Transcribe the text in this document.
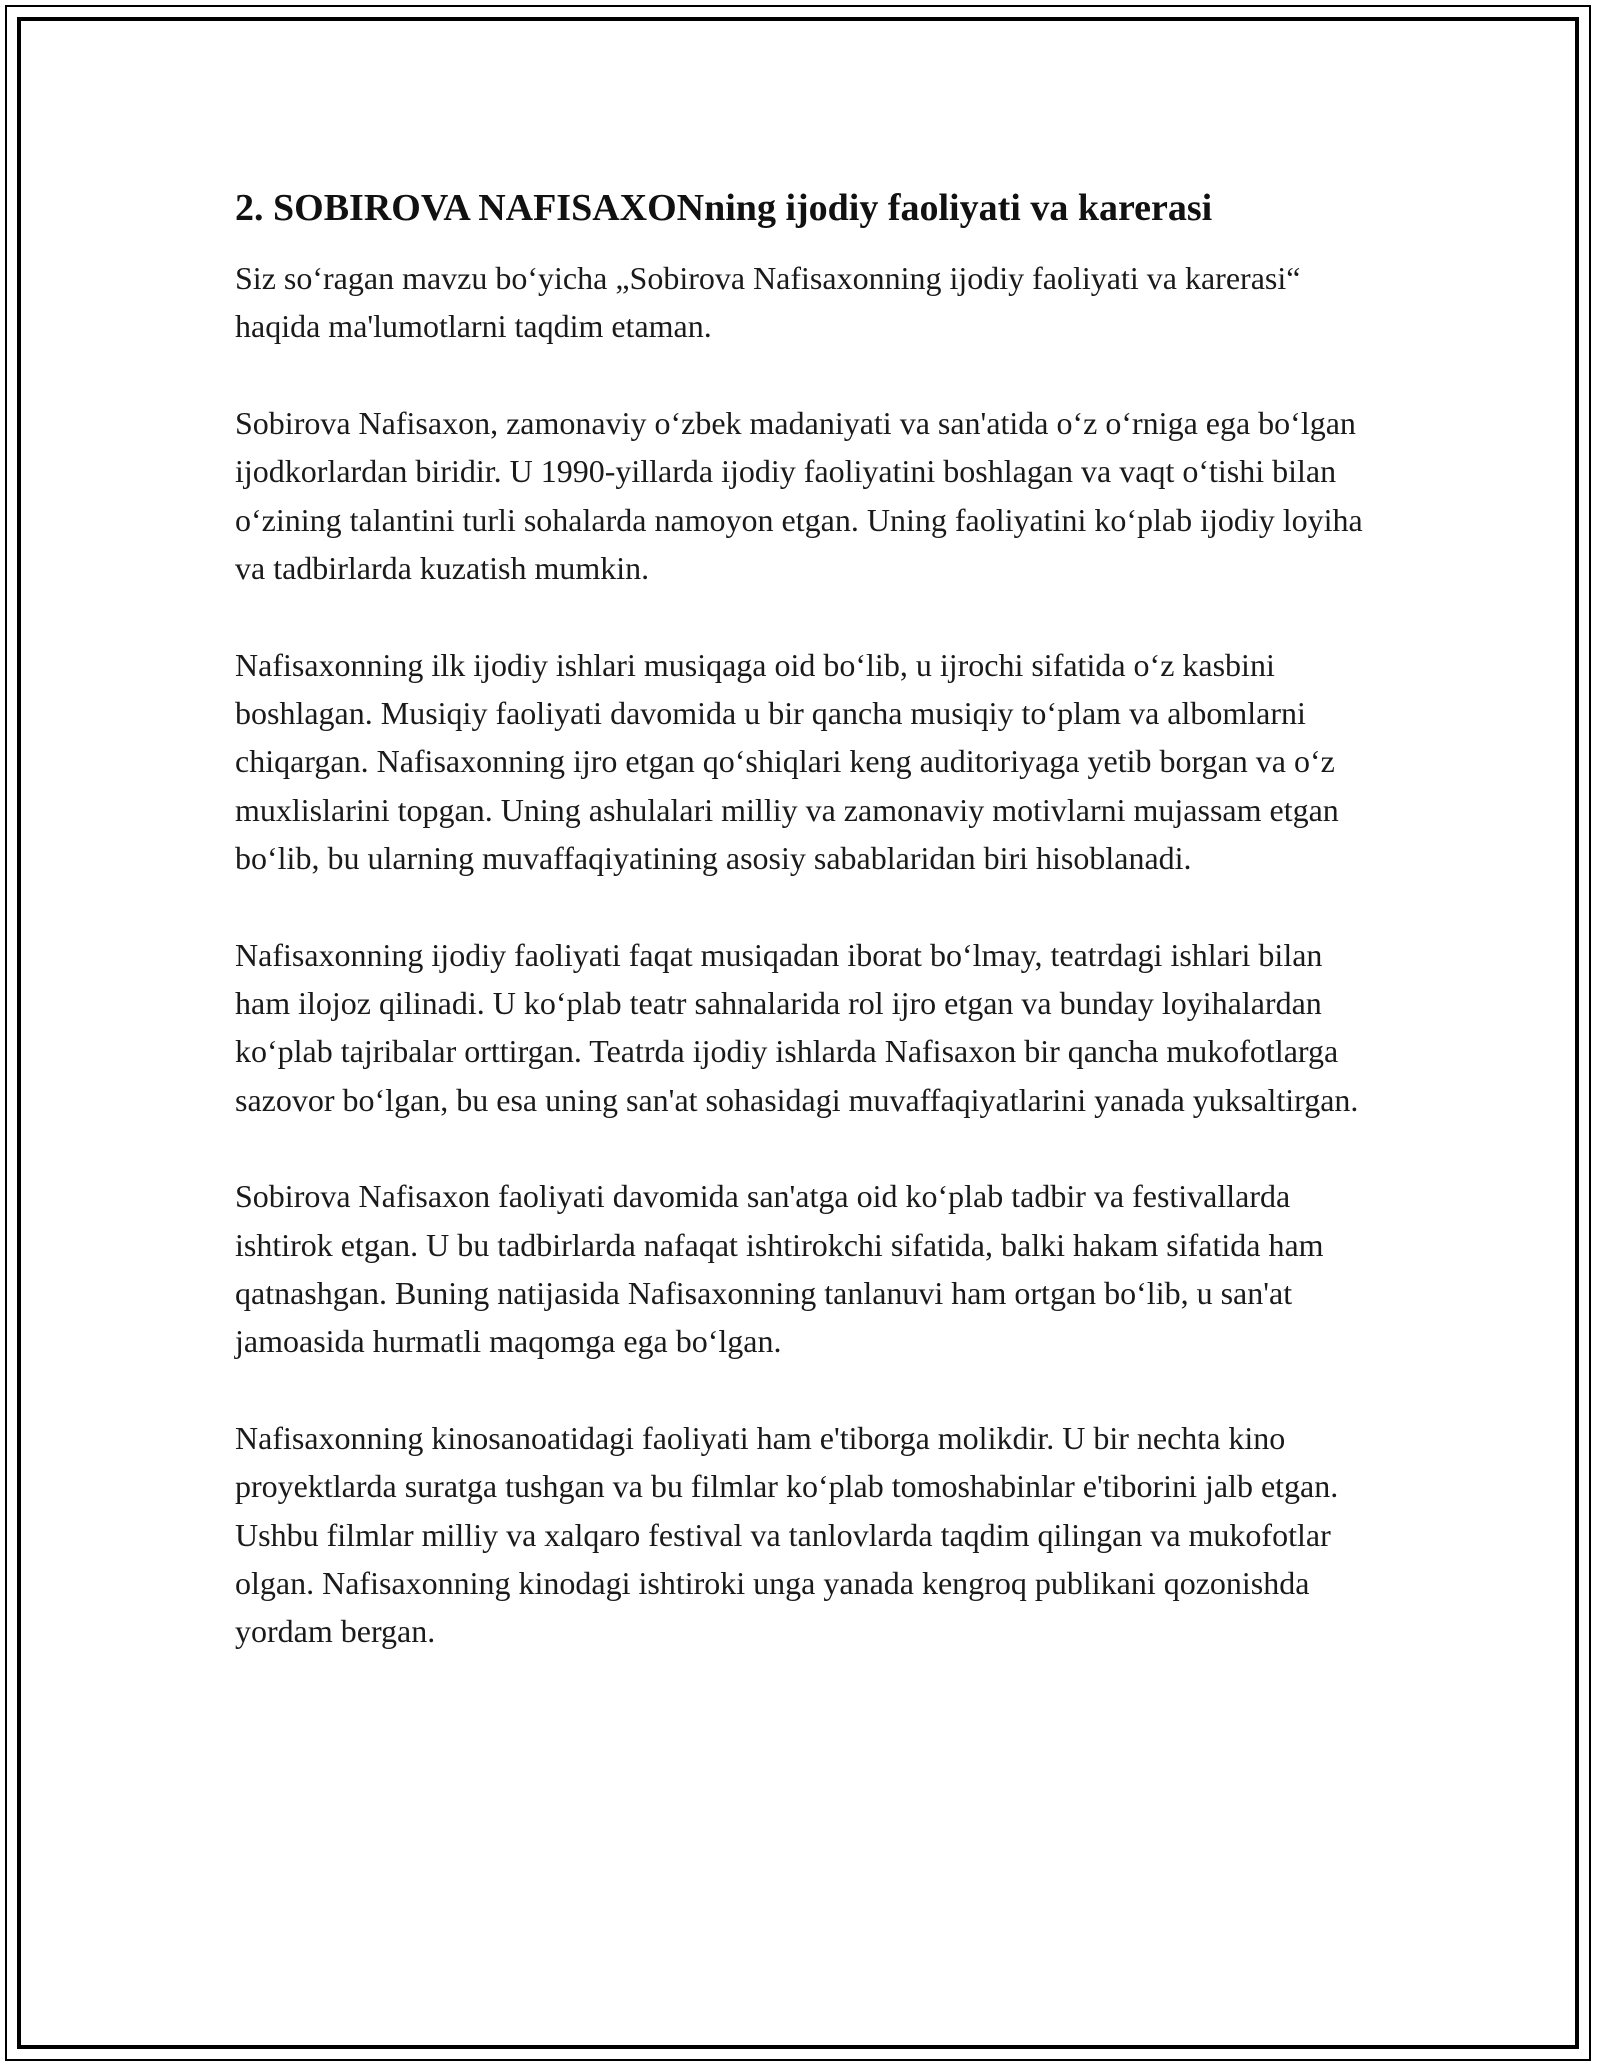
2. SOBIROVA NAFISAXONning ijodiy faoliyati va karerasi

Siz so‘ragan mavzu bo‘yicha „Sobirova Nafisaxonning ijodiy faoliyati va karerasi“ haqida ma'lumotlarni taqdim etaman.

Sobirova Nafisaxon, zamonaviy o‘zbek madaniyati va san'atida o‘z o‘rniga ega bo‘lgan ijodkorlardan biridir. U 1990-yillarda ijodiy faoliyatini boshlagan va vaqt o‘tishi bilan o‘zining talantini turli sohalarda namoyon etgan. Uning faoliyatini ko‘plab ijodiy loyiha va tadbirlarda kuzatish mumkin.

Nafisaxonning ilk ijodiy ishlari musiqaga oid bo‘lib, u ijrochi sifatida o‘z kasbini boshlagan. Musiqiy faoliyati davomida u bir qancha musiqiy to‘plam va albomlarni chiqargan. Nafisaxonning ijro etgan qo‘shiqlari keng auditoriyaga yetib borgan va o‘z muxlislarini topgan. Uning ashulalari milliy va zamonaviy motivlarni mujassam etgan bo‘lib, bu ularning muvaffaqiyatining asosiy sabablaridan biri hisoblanadi.

Nafisaxonning ijodiy faoliyati faqat musiqadan iborat bo‘lmay, teatrdagi ishlari bilan ham ilojoz qilinadi. U ko‘plab teatr sahnalarida rol ijro etgan va bunday loyihalardan ko‘plab tajribalar orttirgan. Teatrda ijodiy ishlarda Nafisaxon bir qancha mukofotlarga sazovor bo‘lgan, bu esa uning san'at sohasidagi muvaffaqiyatlarini yanada yuksaltirgan.

Sobirova Nafisaxon faoliyati davomida san'atga oid ko‘plab tadbir va festivallarda ishtirok etgan. U bu tadbirlarda nafaqat ishtirokchi sifatida, balki hakam sifatida ham qatnashgan. Buning natijasida Nafisaxonning tanlanuvi ham ortgan bo‘lib, u san'at jamoasida hurmatli maqomga ega bo‘lgan.

Nafisaxonning kinosanoatidagi faoliyati ham e'tiborga molikdir. U bir nechta kino proyektlarda suratga tushgan va bu filmlar ko‘plab tomoshabinlar e'tiborini jalb etgan. Ushbu filmlar milliy va xalqaro festival va tanlovlarda taqdim qilingan va mukofotlar olgan. Nafisaxonning kinodagi ishtiroki unga yanada kengroq publikani qozonishda yordam bergan.
